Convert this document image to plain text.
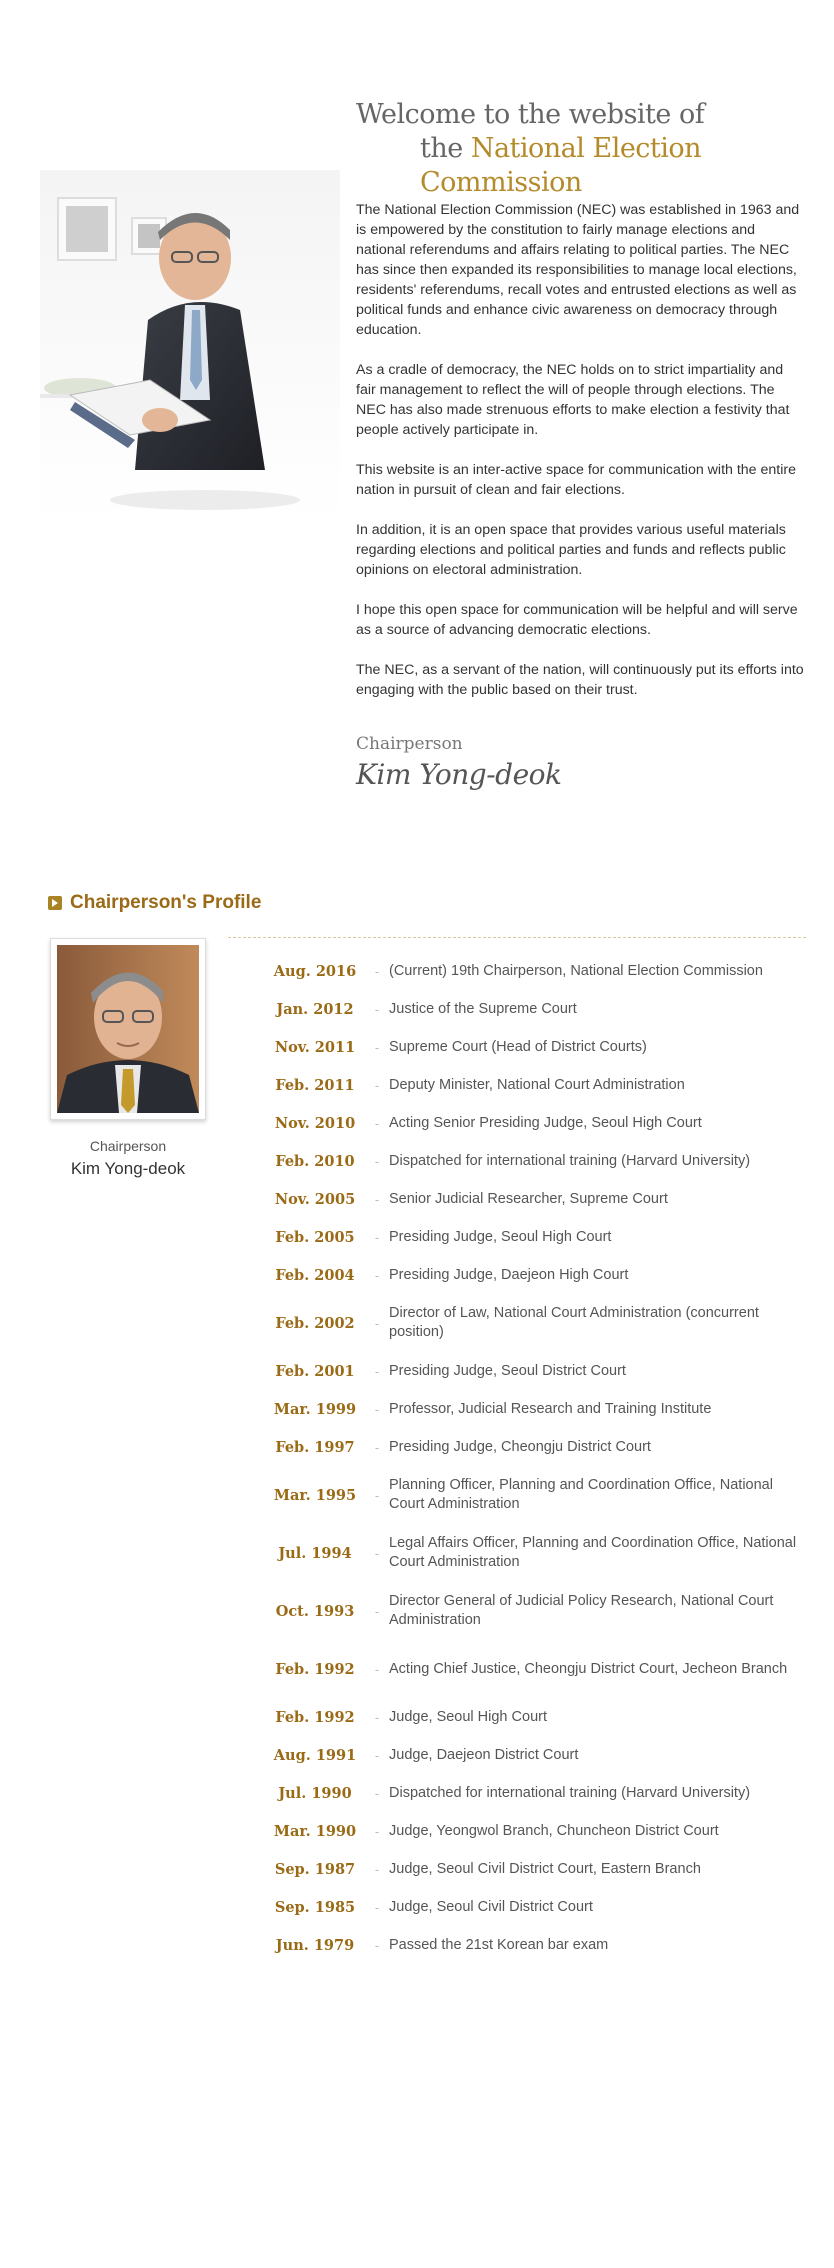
Welcome to the website of
the National Election Commission

The National Election Commission (NEC) was established in 1963 and is empowered by the constitution to fairly manage elections and national referendums and affairs relating to political parties. The NEC has since then expanded its responsibilities to manage local elections, residents' referendums, recall votes and entrusted elections as well as political funds and enhance civic awareness on democracy through education.

As a cradle of democracy, the NEC holds on to strict impartiality and fair management to reflect the will of people through elections. The NEC has also made strenuous efforts to make election a festivity that people actively participate in.

This website is an inter-active space for communication with the entire nation in pursuit of clean and fair elections.

In addition, it is an open space that provides various useful materials regarding elections and political parties and funds and reflects public opinions on electoral administration.

I hope this open space for communication will be helpful and will serve as a source of advancing democratic elections.

The NEC, as a servant of the nation, will continuously put its efforts into engaging with the public based on their trust.

Chairperson
Kim Yong-deok
Chairperson's Profile
Chairperson
Kim Yong-deok
Aug. 2016	- (Current) 19th Chairperson, National Election Commission
Jan. 2012	- Justice of the Supreme Court
Nov. 2011	- Supreme Court (Head of District Courts)
Feb. 2011	- Deputy Minister, National Court Administration
Nov. 2010	- Acting Senior Presiding Judge, Seoul High Court
Feb. 2010	- Dispatched for international training (Harvard University)
Nov. 2005	- Senior Judicial Researcher, Supreme Court
Feb. 2005	- Presiding Judge, Seoul High Court
Feb. 2004	- Presiding Judge, Daejeon High Court
Feb. 2002	-
Director of Law, National Court Administration (concurrent position)
Feb. 2001	- Presiding Judge, Seoul District Court
Mar. 1999	- Professor, Judicial Research and Training Institute
Feb. 1997	- Presiding Judge, Cheongju District Court
Mar. 1995	-
Planning Officer, Planning and Coordination Office, National Court Administration
Jul. 1994	-
Legal Affairs Officer, Planning and Coordination Office, National Court Administration
Oct. 1993	-
Director General of Judicial Policy Research, National Court Administration
Feb. 1992	- Acting Chief Justice, Cheongju District Court, Jecheon Branch
Feb. 1992	- Judge, Seoul High Court
Aug. 1991	- Judge, Daejeon District Court
Jul. 1990	- Dispatched for international training (Harvard University)
Mar. 1990	- Judge, Yeongwol Branch, Chuncheon District Court
Sep. 1987	- Judge, Seoul Civil District Court, Eastern Branch
Sep. 1985	- Judge, Seoul Civil District Court
Jun. 1979	- Passed the 21st Korean bar exam
